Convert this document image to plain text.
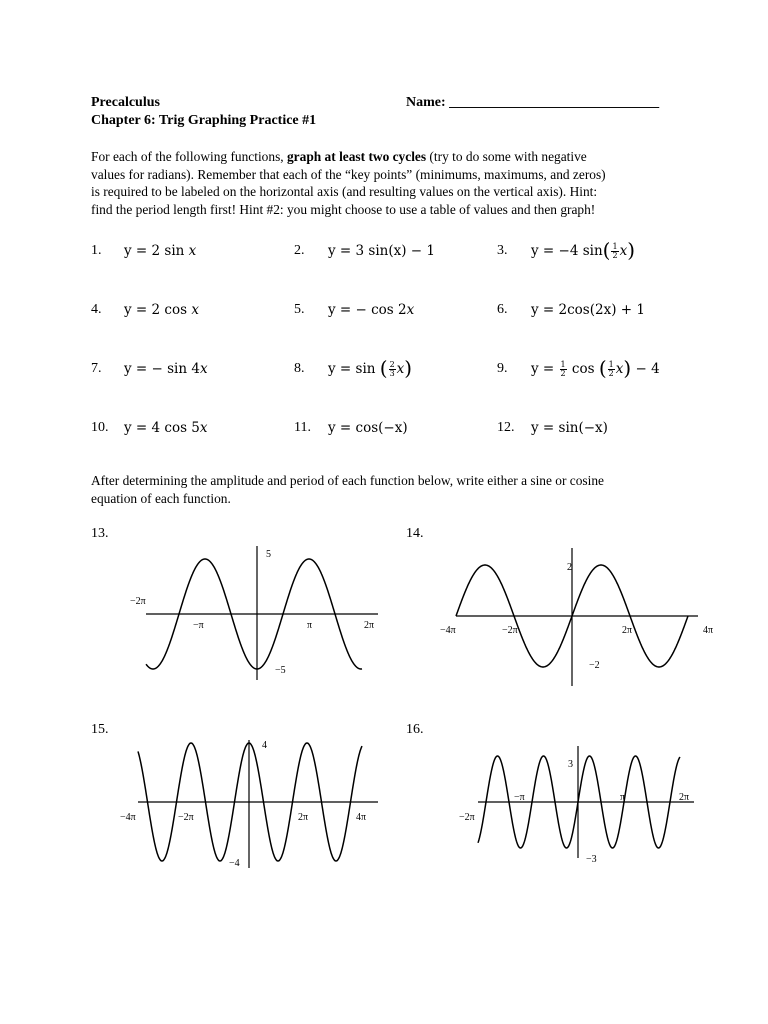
Precalculus
Chapter 6: Trig Graphing Practice #1
Name: ______________________________
For each of the following functions, graph at least two cycles (try to do some with negative
values for radians). Remember that each of the “key points” (minimums, maximums, and zeros)
is required to be labeled on the horizontal axis (and resulting values on the vertical axis). Hint:
find the period length first! Hint #2: you might choose to use a table of values and then graph!
1. y = 2 sin x	2. y = 3 sin(x) − 1	3. y = −4 $\sin( \frac{1}{2} x)$
4. y = 2 cos x	5. y = − cos 2x	6. y = 2cos(2x) + 1
7. y = − sin 4x	8. y = sin ( $\frac{2}{3} x$)	9. $y = \frac{1}{2}$ cos ( $\frac{1}{2} x) - 4$
10. y = 4 cos 5x	11. y = cos(−x)	12. y = sin(−x)
After determining the amplitude and period of each function below, write either a sine or cosine
equation of each function.
13.	14.
15.	16.
5
−5
−2π
−π	π	2π
2
−2
−4π	−2π	2π	4π
4
−4
−4π	−2π	2π	4π
3
−3
−2π
−π	π	2π
